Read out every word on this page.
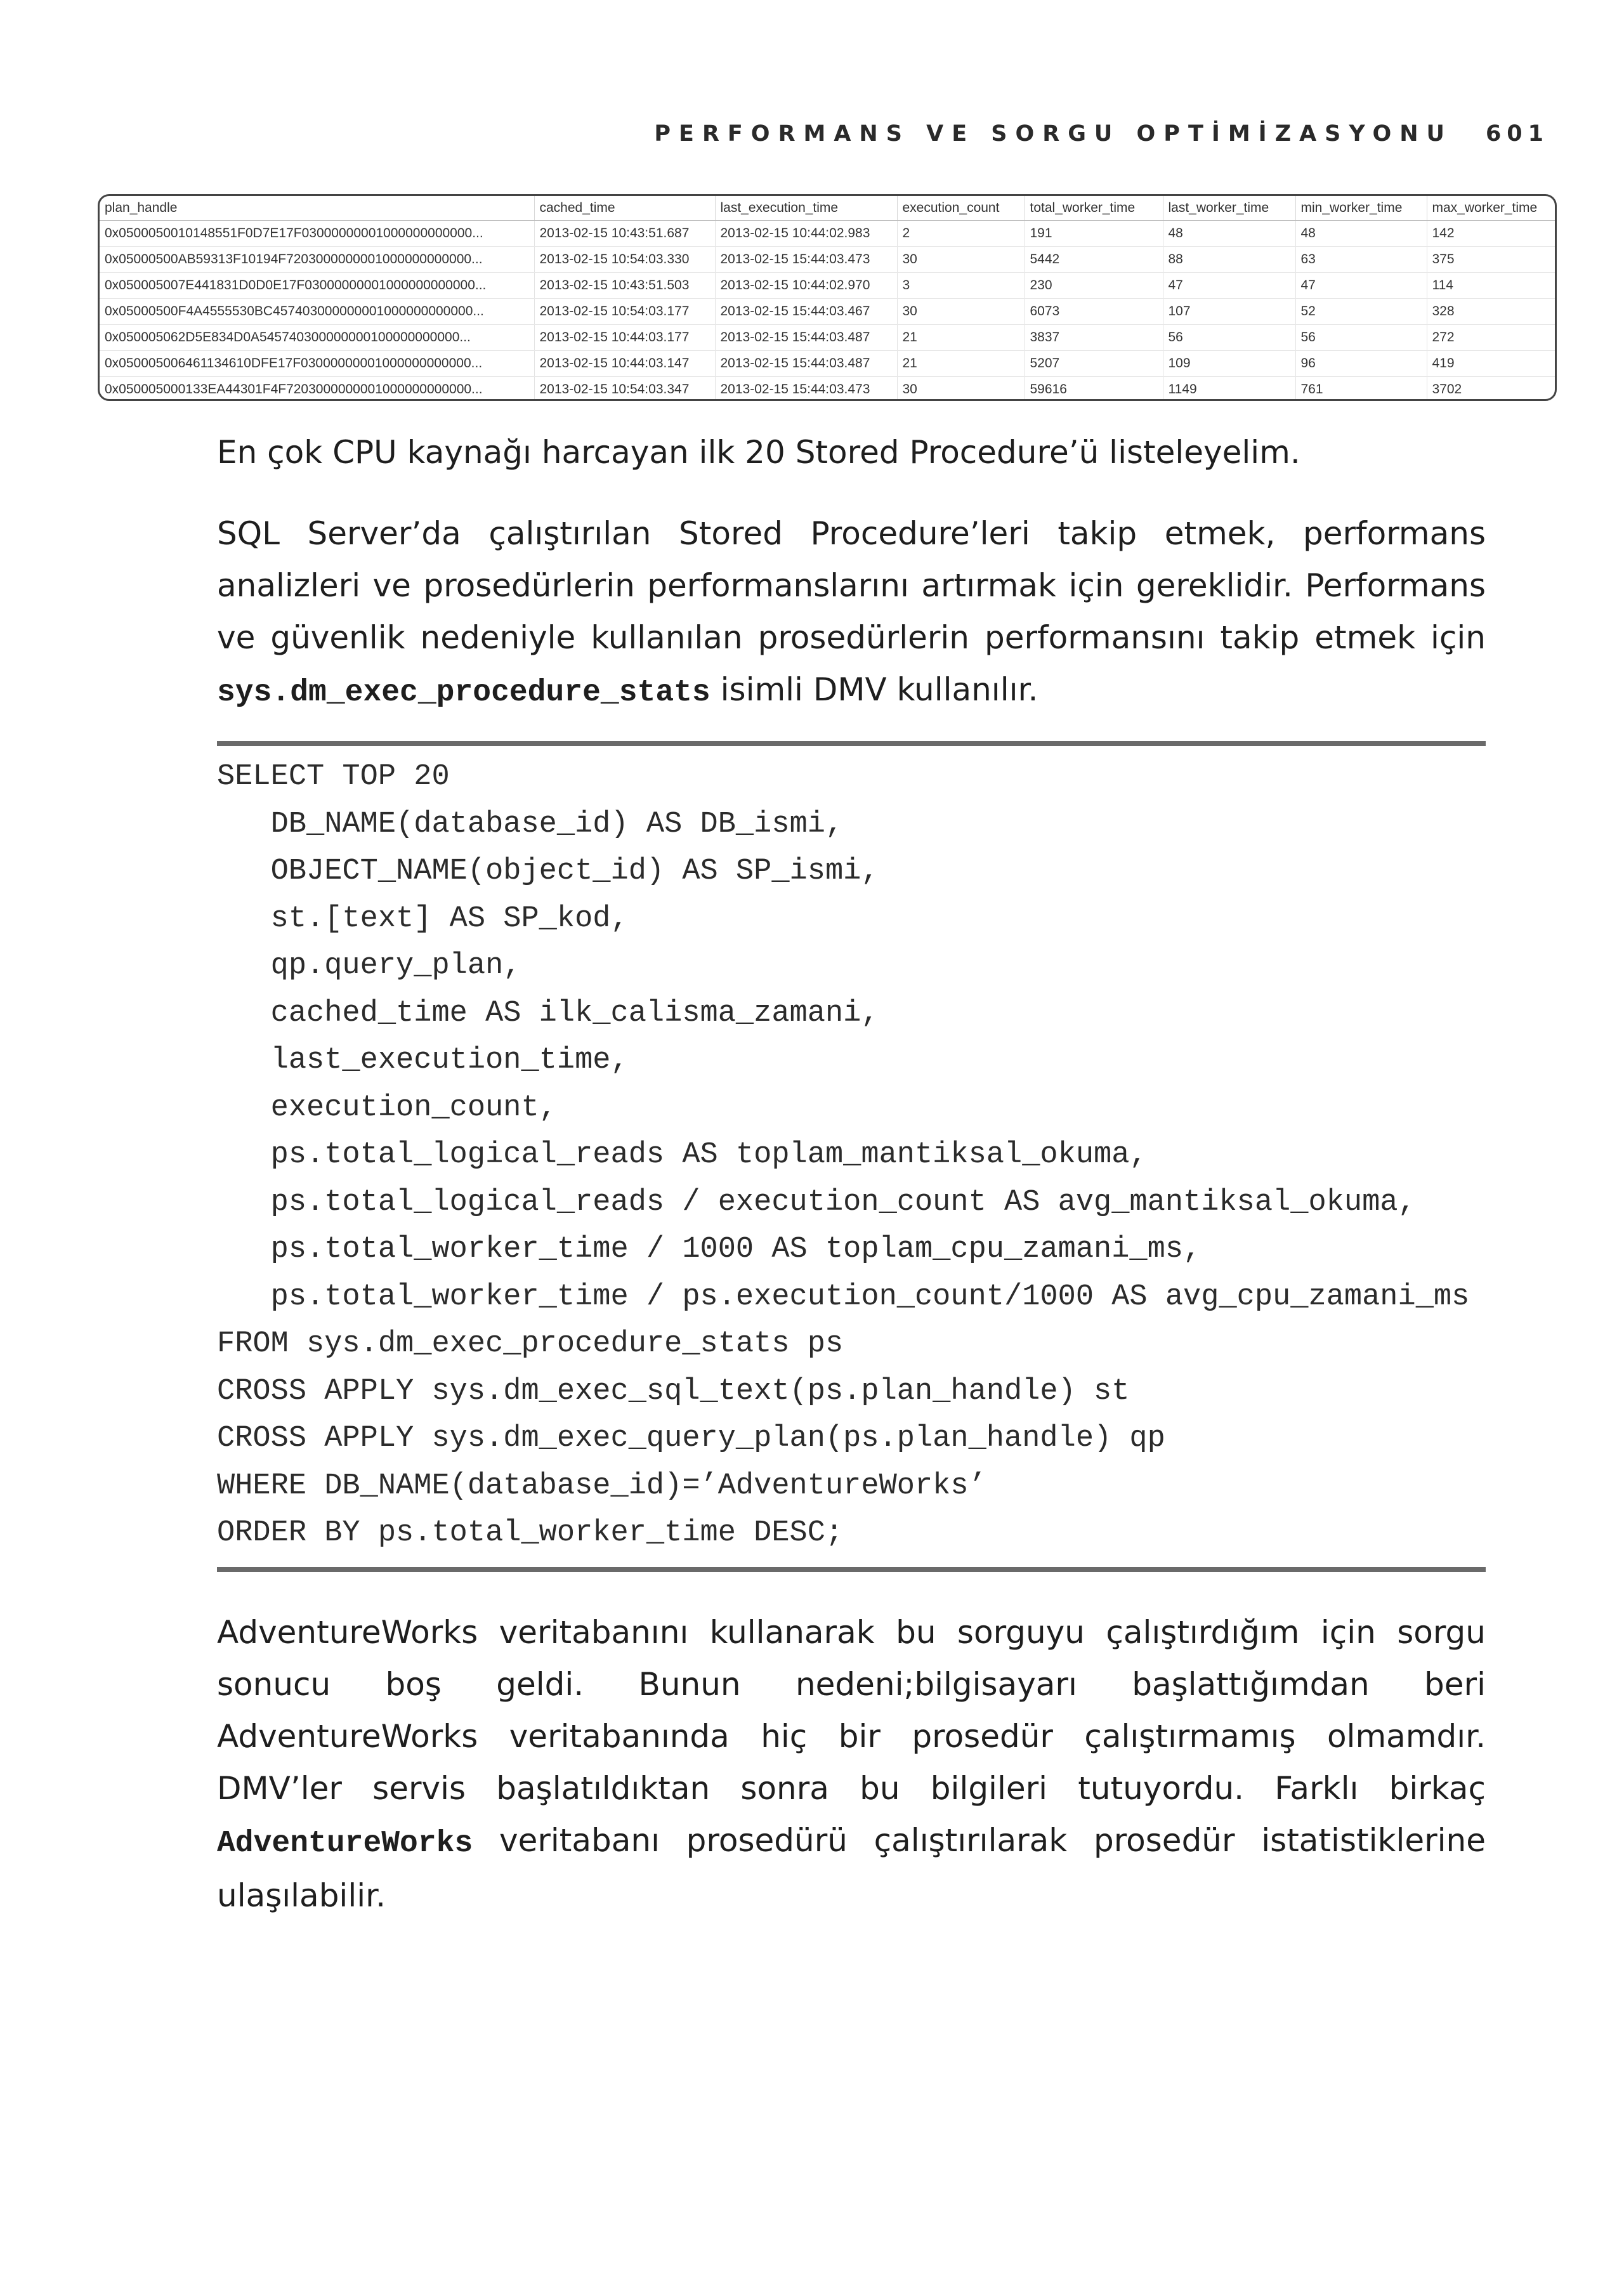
PERFORMANS VE SORGU OPTİMİZASYONU 601
plan_handle	cached_time	last_execution_time	execution_count	total_worker_time	last_worker_time	min_worker_time	max_worker_time
0x0500050010148551F0D7E17F03000000001000000000000...	2013-02-15 10:43:51.687	2013-02-15 10:44:02.983	2	191	48	48	142
0x05000500AB59313F10194F7203000000001000000000000...	2013-02-15 10:54:03.330	2013-02-15 15:44:03.473	30	5442	88	63	375
0x050005007E441831D0D0E17F03000000001000000000000...	2013-02-15 10:43:51.503	2013-02-15 10:44:02.970	3	230	47	47	114
0x05000500F4A4555530BC457403000000001000000000000...	2013-02-15 10:54:03.177	2013-02-15 15:44:03.467	30	6073	107	52	328
0x050005062D5E834D0A545740300000000100000000000...	2013-02-15 10:44:03.177	2013-02-15 15:44:03.487	21	3837	56	56	272
0x050005006461134610DFE17F03000000001000000000000...	2013-02-15 10:44:03.147	2013-02-15 15:44:03.487	21	5207	109	96	419
0x050005000133EA44301F4F7203000000001000000000000...	2013-02-15 10:54:03.347	2013-02-15 15:44:03.473	30	59616	1149	761	3702

En çok CPU kaynağı harcayan ilk 20 Stored Procedure’ü listeleyelim.

SQL Server’da çalıştırılan Stored Procedure’leri takip etmek, performans analizleri ve prosedürlerin performanslarını artırmak için gereklidir. Performans ve güvenlik nedeniyle kullanılan prosedürlerin performansını takip etmek için sys.dm_exec_procedure_stats isimli DMV kullanılır.

SELECT TOP 20
DB_NAME(database_id) AS DB_ismi,
OBJECT_NAME(object_id) AS SP_ismi,
st.[text] AS SP_kod,
qp.query_plan,
cached_time AS ilk_calisma_zamani,
last_execution_time,
execution_count,
ps.total_logical_reads AS toplam_mantiksal_okuma,
ps.total_logical_reads / execution_count AS avg_mantiksal_okuma,
ps.total_worker_time / 1000 AS toplam_cpu_zamani_ms,
ps.total_worker_time / ps.execution_count/1000 AS avg_cpu_zamani_ms
FROM sys.dm_exec_procedure_stats ps
CROSS APPLY sys.dm_exec_sql_text(ps.plan_handle) st
CROSS APPLY sys.dm_exec_query_plan(ps.plan_handle) qp
WHERE DB_NAME(database_id)=’AdventureWorks’
ORDER BY ps.total_worker_time DESC;

AdventureWorks veritabanını kullanarak bu sorguyu çalıştırdığım için sorgu sonucu boş geldi. Bunun nedeni;bilgisayarı başlattığımdan beri AdventureWorks veritabanında hiç bir prosedür çalıştırmamış olmamdır. DMV’ler servis başlatıldıktan sonra bu bilgileri tutuyordu. Farklı birkaç AdventureWorks veritabanı prosedürü çalıştırılarak prosedür istatistiklerine ulaşılabilir.
